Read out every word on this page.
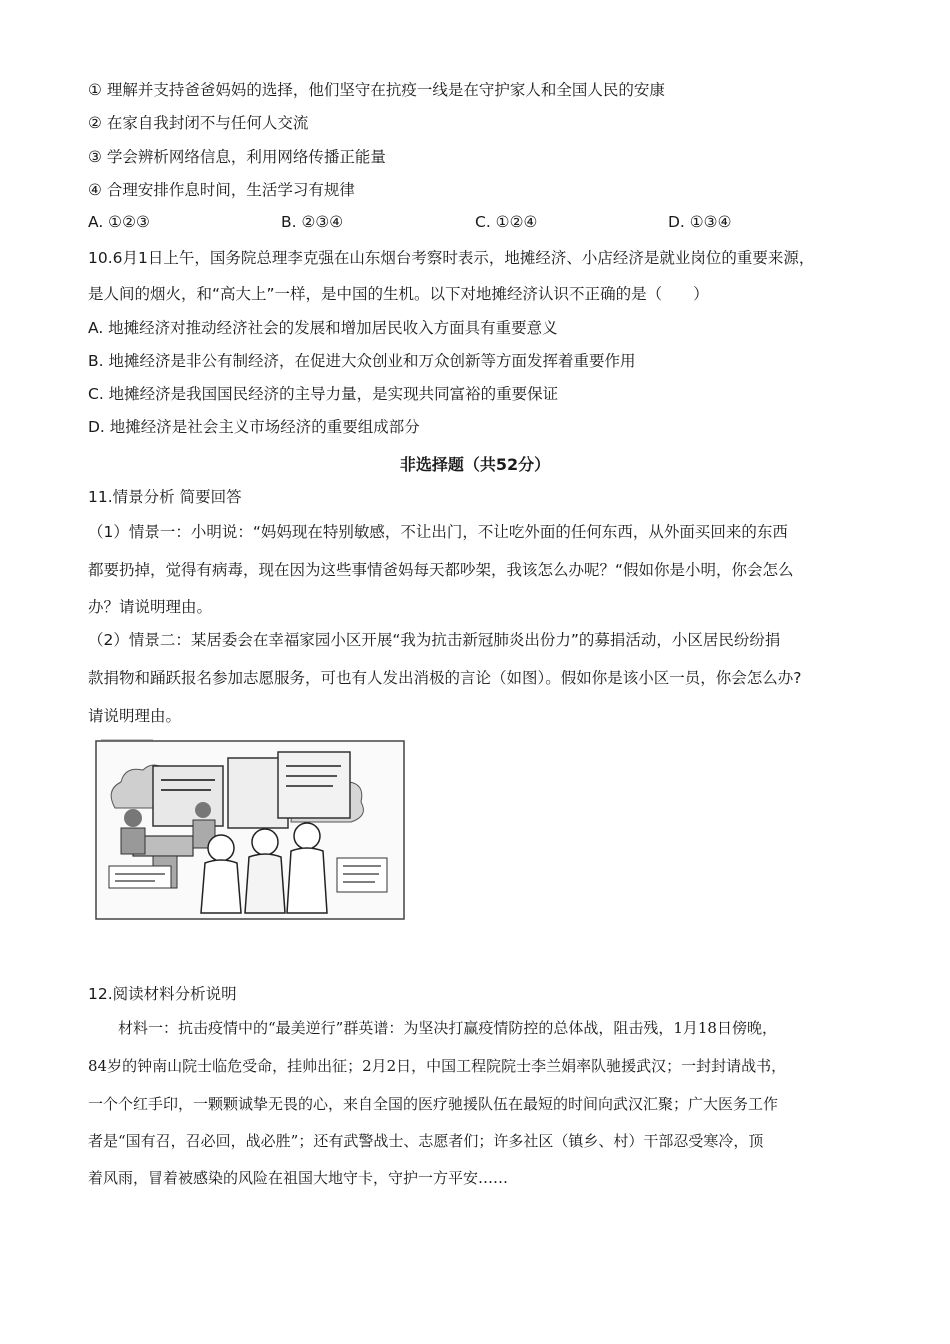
① 理解并支持爸爸妈妈的选择，他们坚守在抗疫一线是在守护家人和全国人民的安康
② 在家自我封闭不与任何人交流
③ 学会辨析网络信息，利用网络传播正能量
④ 合理安排作息时间，生活学习有规律
A. ①②③	B. ②③④	C. ①②④	D. ①③④
10.6月1日上午，国务院总理李克强在山东烟台考察时表示，地摊经济、小店经济是就业岗位的重要来源，
是人间的烟火，和“高大上”一样，是中国的生机。以下对地摊经济认识不正确的是（　　）
A. 地摊经济对推动经济社会的发展和增加居民收入方面具有重要意义
B. 地摊经济是非公有制经济，在促进大众创业和万众创新等方面发挥着重要作用
C. 地摊经济是我国国民经济的主导力量，是实现共同富裕的重要保证
D. 地摊经济是社会主义市场经济的重要组成部分
非选择题（共52分）
11.情景分析 简要回答
（1）情景一：小明说：“妈妈现在特别敏感，不让出门，不让吃外面的任何东西，从外面买回来的东西
都要扔掉，觉得有病毒，现在因为这些事情爸妈每天都吵架，我该怎么办呢？“假如你是小明，你会怎么
办？请说明理由。
（2）情景二：某居委会在幸福家园小区开展“我为抗击新冠肺炎出份力”的募捐活动，小区居民纷纷捐
款捐物和踊跃报名参加志愿服务，可也有人发出消极的言论（如图）。假如你是该小区一员，你会怎么办?
请说明理由。
12.阅读材料分析说明
材料一：抗击疫情中的“最美逆行”群英谱：为坚决打赢疫情防控的总体战，阻击残，1月18日傍晚，
84岁的钟南山院士临危受命，挂帅出征；2月2日，中国工程院院士李兰娟率队驰援武汉；一封封请战书，
一个个红手印，一颗颗诚挚无畏的心，来自全国的医疗驰援队伍在最短的时间向武汉汇聚；广大医务工作
者是“国有召，召必回，战必胜”；还有武警战士、志愿者们；许多社区（镇乡、村）干部忍受寒冷，顶
着风雨，冒着被感染的风险在祖国大地守卡，守护一方平安……
